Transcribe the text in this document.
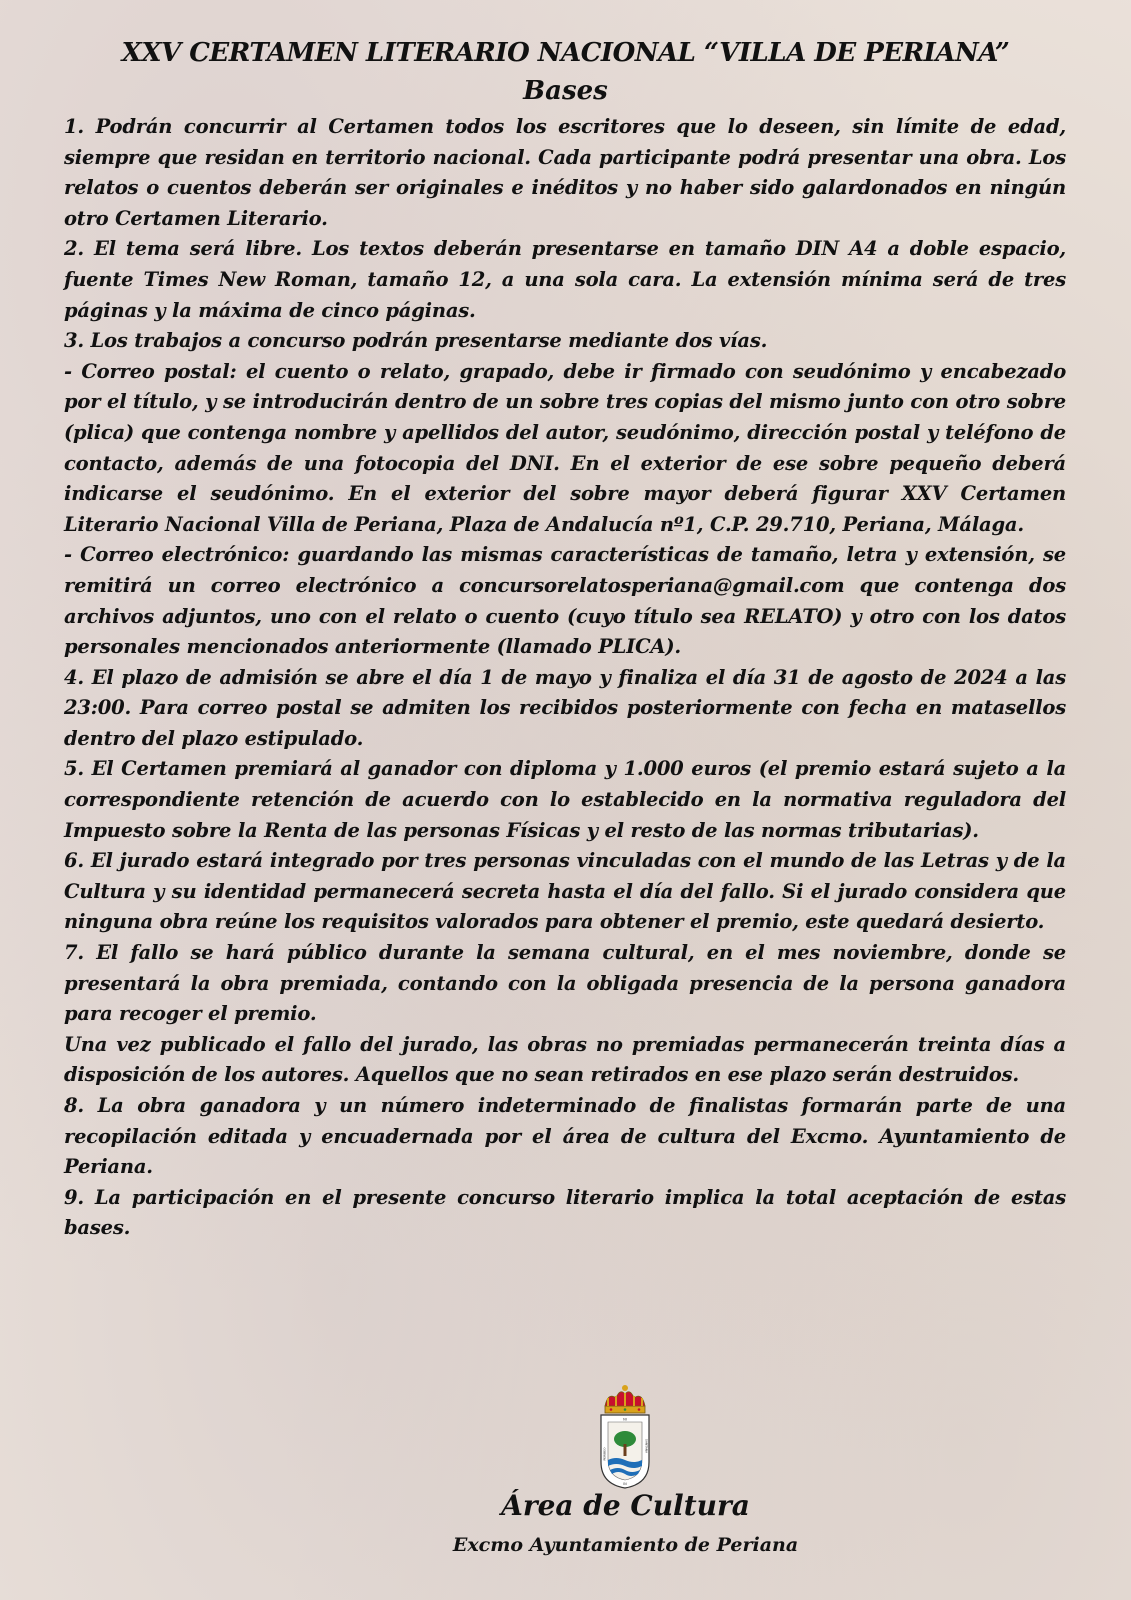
XXV CERTAMEN LITERARIO NACIONAL “VILLA DE PERIANA”
Bases

1. Podrán concurrir al Certamen todos los escritores que lo deseen, sin límite de edad, siempre que residan en territorio nacional. Cada participante podrá presentar una obra. Los relatos o cuentos deberán ser originales e inéditos y no haber sido galardonados en ningún otro Certamen Literario.

2. El tema será libre. Los textos deberán presentarse en tamaño DIN A4 a doble espacio, fuente Times New Roman, tamaño 12, a una sola cara. La extensión mínima será de tres páginas y la máxima de cinco páginas.

3. Los trabajos a concurso podrán presentarse mediante dos vías.

- Correo postal: el cuento o relato, grapado, debe ir firmado con seudónimo y encabezado por el título, y se introducirán dentro de un sobre tres copias del mismo junto con otro sobre (plica) que contenga nombre y apellidos del autor, seudónimo, dirección postal y teléfono de contacto, además de una fotocopia del DNI. En el exterior de ese sobre pequeño deberá indicarse el seudónimo. En el exterior del sobre mayor deberá figurar XXV Certamen Literario Nacional Villa de Periana, Plaza de Andalucía nº1, C.P. 29.710, Periana, Málaga.

- Correo electrónico: guardando las mismas características de tamaño, letra y extensión, se remitirá un correo electrónico a concursorelatosperiana@gmail.com que contenga dos archivos adjuntos, uno con el relato o cuento (cuyo título sea RELATO) y otro con los datos personales mencionados anteriormente (llamado PLICA).

4. El plazo de admisión se abre el día 1 de mayo y finaliza el día 31 de agosto de 2024 a las 23:00. Para correo postal se admiten los recibidos posteriormente con fecha en matasellos dentro del plazo estipulado.

5. El Certamen premiará al ganador con diploma y 1.000 euros (el premio estará sujeto a la correspondiente retención de acuerdo con lo establecido en la normativa reguladora del Impuesto sobre la Renta de las personas Físicas y el resto de las normas tributarias).

6. El jurado estará integrado por tres personas vinculadas con el mundo de las Letras y de la Cultura y su identidad permanecerá secreta hasta el día del fallo. Si el jurado considera que ninguna obra reúne los requisitos valorados para obtener el premio, este quedará desierto.

7. El fallo se hará público durante la semana cultural, en el mes noviembre, donde se presentará la obra premiada, contando con la obligada presencia de la persona ganadora para recoger el premio.

Una vez publicado el fallo del jurado, las obras no premiadas permanecerán treinta días a disposición de los autores. Aquellos que no sean retirados en ese plazo serán destruidos.

8. La obra ganadora y un número indeterminado de finalistas formarán parte de una recopilación editada y encuadernada por el área de cultura del Excmo. Ayuntamiento de Periana.

9. La participación en el presente concurso literario implica la total aceptación de estas bases.

NI
PERIBEO
SANTANA
IN
Área de Cultura
Excmo Ayuntamiento de Periana
